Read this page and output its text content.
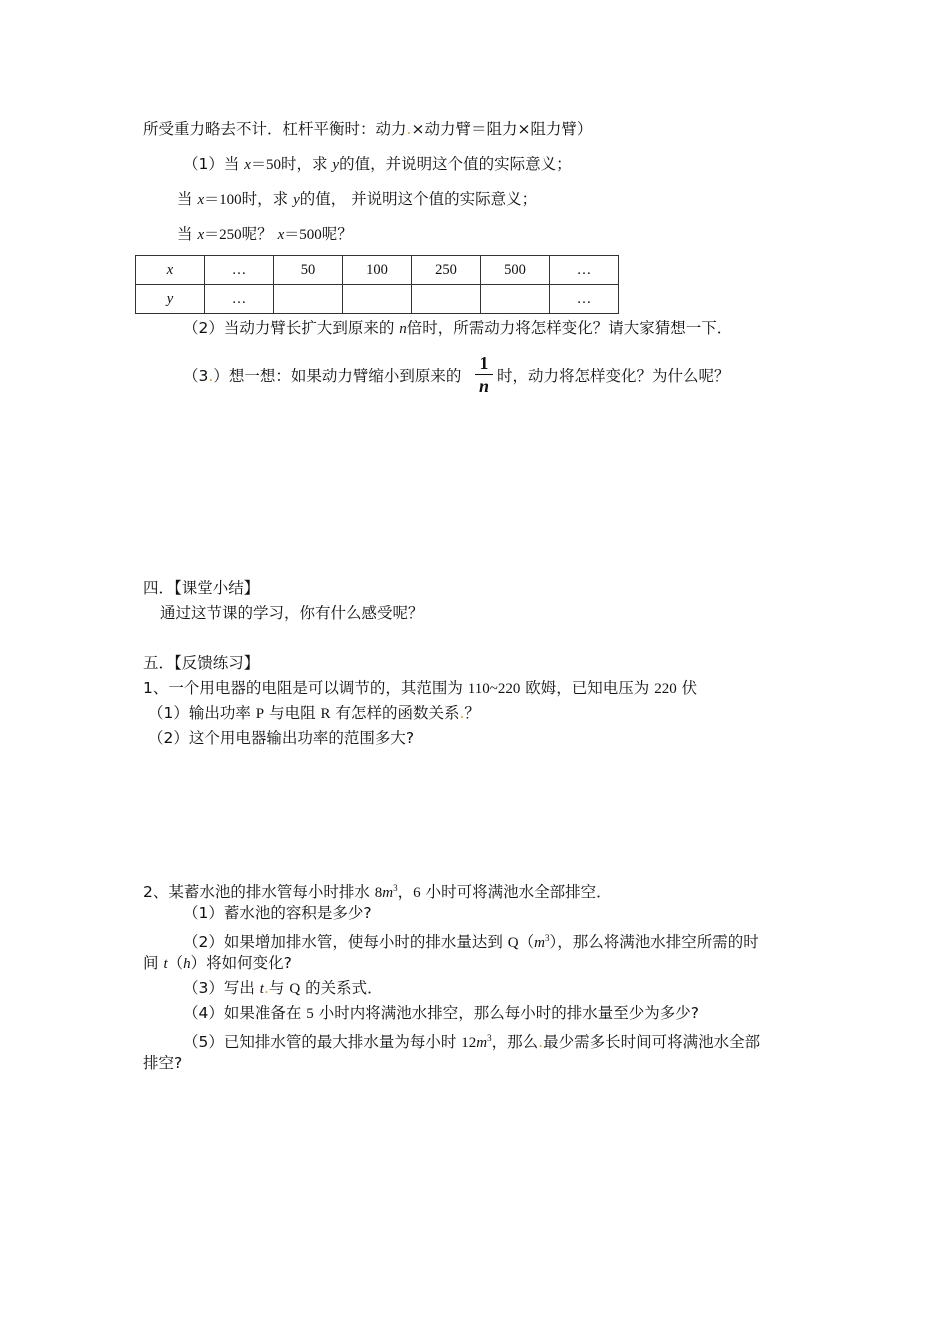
所受重力略去不计．杠杆平衡时：动力.×动力臂＝阻力×阻力臂）
（1）当 x＝50时，求 y的值，并说明这个值的实际意义；
当 x＝100时，求 y的值， 并说明这个值的实际意义；
当 x＝250呢？ x＝500呢？
x	…	50	100	250	500	…
y	…					…
（2）当动力臂长扩大到原来的 n倍时，所需动力将怎样变化？请大家猜想一下．
（3.）想一想：如果动力臂缩小到原来的
1
n 时，动力将怎样变化？为什么呢？
四．【课堂小结】
通过这节课的学习，你有什么感受呢？
五．【反馈练习】
1、一个用电器的电阻是可以调节的，其范围为 110~220 欧姆，已知电压为 220 伏
（1）输出功率 P 与电阻 R 有怎样的函数关系.？
（2）这个用电器输出功率的范围多大?
2、某蓄水池的排水管每小时排水 $8m^3$，6 小时可将满池水全部排空．
（1）蓄水池的容积是多少?
（2）如果增加排水管，使每小时的排水量达到 $Q(m^3)$，那么将满池水排空所需的时
间 t（h）将如何变化?
（3）写出 t.与 Q 的关系式．
（4）如果准备在 5 小时内将满池水排空，那么每小时的排水量至少为多少?
（5）已知排水管的最大排水量为每小时 $12m^3$，那么.最少需多长时间可将满池水全部
排空?
